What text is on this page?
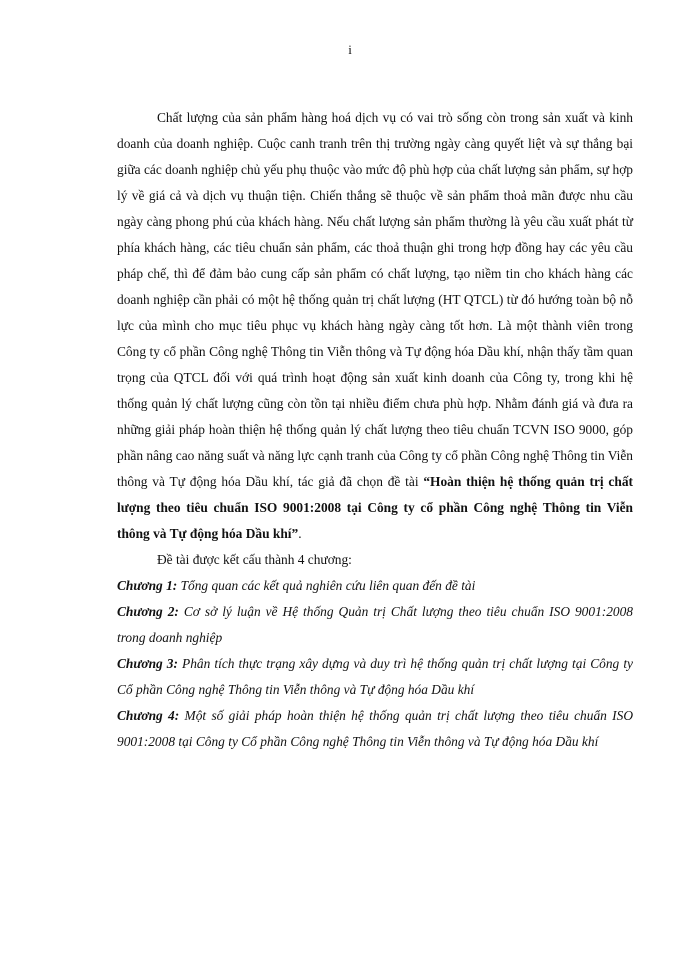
i

Chất lượng của sản phẩm hàng hoá dịch vụ có vai trò sống còn trong sản xuất và kinh doanh của doanh nghiệp. Cuộc canh tranh trên thị trường ngày càng quyết liệt và sự thắng bại giữa các doanh nghiệp chủ yếu phụ thuộc vào mức độ phù hợp của chất lượng sản phẩm, sự hợp lý về giá cả và dịch vụ thuận tiện. Chiến thắng sẽ thuộc về sản phẩm thoả mãn được nhu cầu ngày càng phong phú của khách hàng. Nếu chất lượng sản phẩm thường là yêu cầu xuất phát từ phía khách hàng, các tiêu chuẩn sản phẩm, các thoả thuận ghi trong hợp đồng hay các yêu cầu pháp chế, thì để đảm bảo cung cấp sản phẩm có chất lượng, tạo niềm tin cho khách hàng các doanh nghiệp cần phải có một hệ thống quản trị chất lượng (HT QTCL) từ đó hướng toàn bộ nỗ lực của mình cho mục tiêu phục vụ khách hàng ngày càng tốt hơn. Là một thành viên trong Công ty cổ phần Công nghệ Thông tin Viễn thông và Tự động hóa Dầu khí, nhận thấy tầm quan trọng của QTCL đối với quá trình hoạt động sản xuất kinh doanh của Công ty, trong khi hệ thống quản lý chất lượng cũng còn tồn tại nhiều điểm chưa phù hợp. Nhằm đánh giá và đưa ra những giải pháp hoàn thiện hệ thống quản lý chất lượng theo tiêu chuẩn TCVN ISO 9000, góp phần nâng cao năng suất và năng lực cạnh tranh của Công ty cổ phần Công nghệ Thông tin Viễn thông và Tự động hóa Dầu khí, tác giả đã chọn đề tài “Hoàn thiện hệ thống quản trị chất lượng theo tiêu chuẩn ISO 9001:2008 tại Công ty cổ phần Công nghệ Thông tin Viễn thông và Tự động hóa Dầu khí”.

Đề tài được kết cấu thành 4 chương:

Chương 1: Tổng quan các kết quả nghiên cứu liên quan đến đề tài

Chương 2: Cơ sở lý luận về Hệ thống Quản trị Chất lượng theo tiêu chuẩn ISO 9001:2008 trong doanh nghiệp

Chương 3: Phân tích thực trạng xây dựng và duy trì hệ thống quản trị chất lượng tại Công ty Cổ phần Công nghệ Thông tin Viễn thông và Tự động hóa Dầu khí

Chương 4: Một số giải pháp hoàn thiện hệ thống quản trị chất lượng theo tiêu chuẩn ISO 9001:2008 tại Công ty Cổ phần Công nghệ Thông tin Viễn thông và Tự động hóa Dầu khí
